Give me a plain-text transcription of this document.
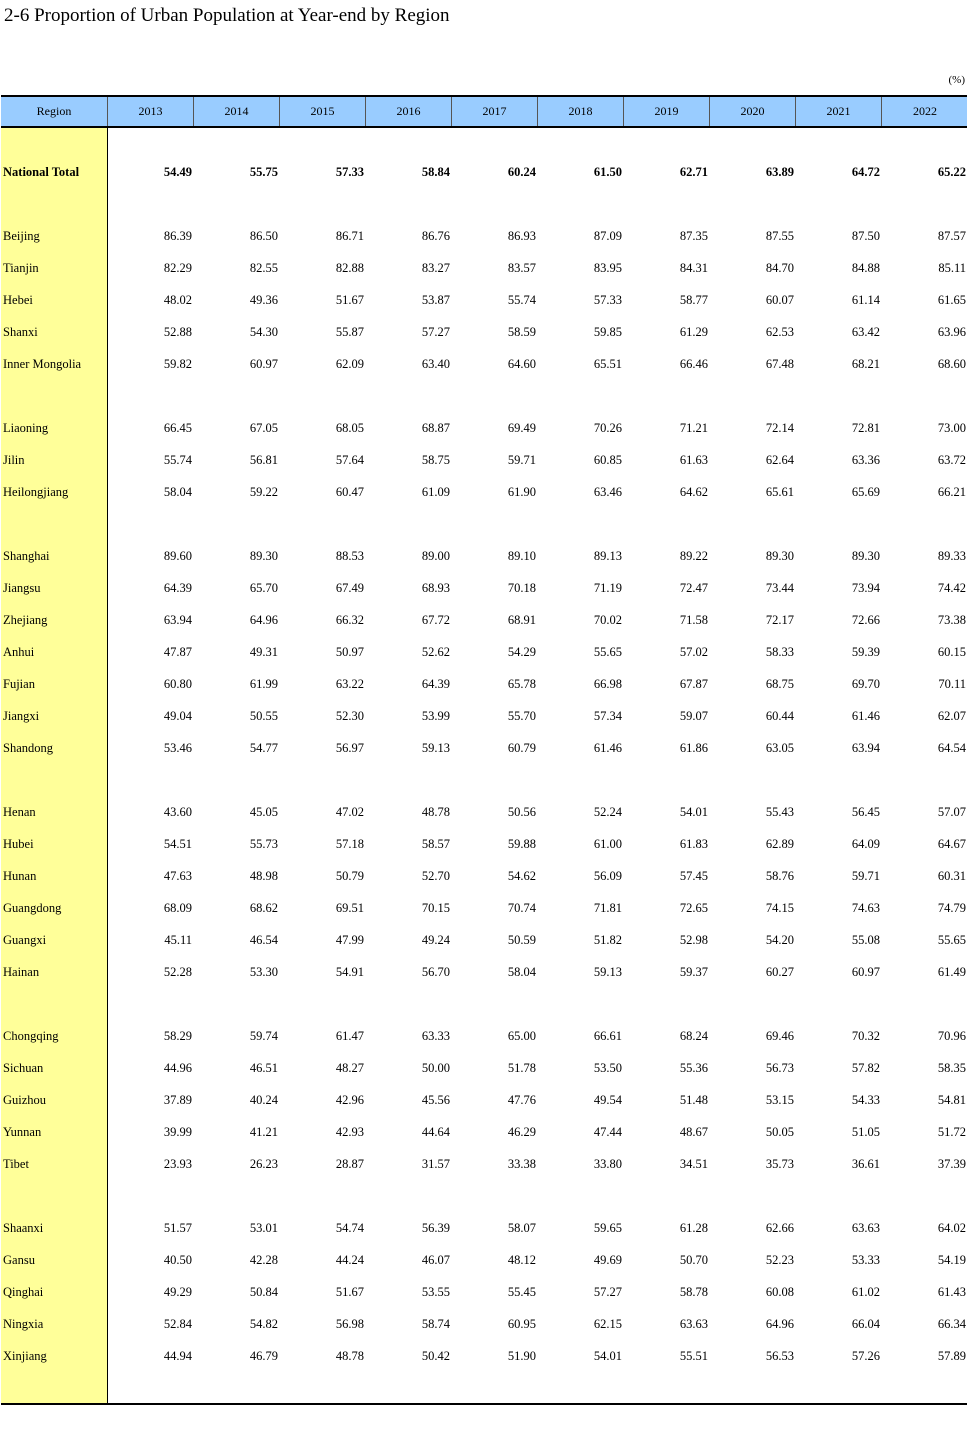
2-6 Proportion of Urban Population at Year-end by Region
(%)
Region	2013	2014	2015	2016	2017	2018	2019	2020	2021	2022
National Total	54.49	55.75	57.33	58.84	60.24	61.50	62.71	63.89	64.72	65.22
Beijing	86.39	86.50	86.71	86.76	86.93	87.09	87.35	87.55	87.50	87.57
Tianjin	82.29	82.55	82.88	83.27	83.57	83.95	84.31	84.70	84.88	85.11
Hebei	48.02	49.36	51.67	53.87	55.74	57.33	58.77	60.07	61.14	61.65
Shanxi	52.88	54.30	55.87	57.27	58.59	59.85	61.29	62.53	63.42	63.96
Inner Mongolia	59.82	60.97	62.09	63.40	64.60	65.51	66.46	67.48	68.21	68.60
Liaoning	66.45	67.05	68.05	68.87	69.49	70.26	71.21	72.14	72.81	73.00
Jilin	55.74	56.81	57.64	58.75	59.71	60.85	61.63	62.64	63.36	63.72
Heilongjiang	58.04	59.22	60.47	61.09	61.90	63.46	64.62	65.61	65.69	66.21
Shanghai	89.60	89.30	88.53	89.00	89.10	89.13	89.22	89.30	89.30	89.33
Jiangsu	64.39	65.70	67.49	68.93	70.18	71.19	72.47	73.44	73.94	74.42
Zhejiang	63.94	64.96	66.32	67.72	68.91	70.02	71.58	72.17	72.66	73.38
Anhui	47.87	49.31	50.97	52.62	54.29	55.65	57.02	58.33	59.39	60.15
Fujian	60.80	61.99	63.22	64.39	65.78	66.98	67.87	68.75	69.70	70.11
Jiangxi	49.04	50.55	52.30	53.99	55.70	57.34	59.07	60.44	61.46	62.07
Shandong	53.46	54.77	56.97	59.13	60.79	61.46	61.86	63.05	63.94	64.54
Henan	43.60	45.05	47.02	48.78	50.56	52.24	54.01	55.43	56.45	57.07
Hubei	54.51	55.73	57.18	58.57	59.88	61.00	61.83	62.89	64.09	64.67
Hunan	47.63	48.98	50.79	52.70	54.62	56.09	57.45	58.76	59.71	60.31
Guangdong	68.09	68.62	69.51	70.15	70.74	71.81	72.65	74.15	74.63	74.79
Guangxi	45.11	46.54	47.99	49.24	50.59	51.82	52.98	54.20	55.08	55.65
Hainan	52.28	53.30	54.91	56.70	58.04	59.13	59.37	60.27	60.97	61.49
Chongqing	58.29	59.74	61.47	63.33	65.00	66.61	68.24	69.46	70.32	70.96
Sichuan	44.96	46.51	48.27	50.00	51.78	53.50	55.36	56.73	57.82	58.35
Guizhou	37.89	40.24	42.96	45.56	47.76	49.54	51.48	53.15	54.33	54.81
Yunnan	39.99	41.21	42.93	44.64	46.29	47.44	48.67	50.05	51.05	51.72
Tibet	23.93	26.23	28.87	31.57	33.38	33.80	34.51	35.73	36.61	37.39
Shaanxi	51.57	53.01	54.74	56.39	58.07	59.65	61.28	62.66	63.63	64.02
Gansu	40.50	42.28	44.24	46.07	48.12	49.69	50.70	52.23	53.33	54.19
Qinghai	49.29	50.84	51.67	53.55	55.45	57.27	58.78	60.08	61.02	61.43
Ningxia	52.84	54.82	56.98	58.74	60.95	62.15	63.63	64.96	66.04	66.34
Xinjiang	44.94	46.79	48.78	50.42	51.90	54.01	55.51	56.53	57.26	57.89
